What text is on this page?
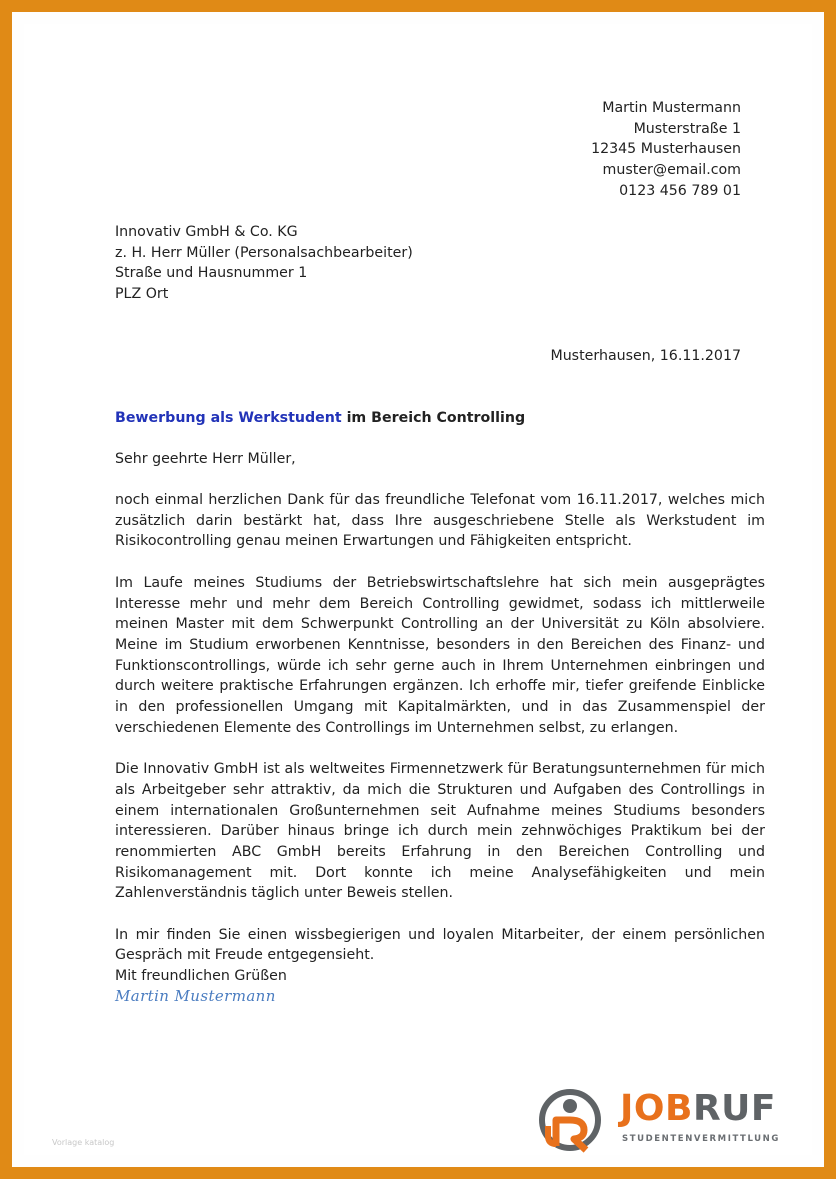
Martin Mustermann
Musterstraße 1
12345 Musterhausen
muster@email.com
0123 456 789 01
Innovativ GmbH & Co. KG
z. H. Herr Müller (Personalsachbearbeiter)
Straße und Hausnummer 1
PLZ Ort
Musterhausen, 16.11.2017
Bewerbung als Werkstudent im Bereich Controlling
Sehr geehrte Herr Müller,

noch einmal herzlichen Dank für das freundliche Telefonat vom 16.11.2017, welches mich zusätzlich darin bestärkt hat, dass Ihre ausgeschriebene Stelle als Werkstudent im Risikocontrolling genau meinen Erwartungen und Fähigkeiten entspricht.

Im Laufe meines Studiums der Betriebswirtschaftslehre hat sich mein ausgeprägtes Interesse mehr und mehr dem Bereich Controlling gewidmet, sodass ich mittlerweile meinen Master mit dem Schwerpunkt Controlling an der Universität zu Köln absolviere. Meine im Studium erworbenen Kenntnisse, besonders in den Bereichen des Finanz- und Funktionscontrollings, würde ich sehr gerne auch in Ihrem Unternehmen einbringen und durch weitere praktische Erfahrungen ergänzen. Ich erhoffe mir, tiefer greifende Einblicke in den professionellen Umgang mit Kapitalmärkten, und in das Zusammenspiel der verschiedenen Elemente des Controllings im Unternehmen selbst, zu erlangen.

Die Innovativ GmbH ist als weltweites Firmennetzwerk für Beratungsunternehmen für mich als Arbeitgeber sehr attraktiv, da mich die Strukturen und Aufgaben des Controllings in einem internationalen Großunternehmen seit Aufnahme meines Studiums besonders interessieren. Darüber hinaus bringe ich durch mein zehnwöchiges Praktikum bei der renommierten ABC GmbH bereits Erfahrung in den Bereichen Controlling und Risikomanagement mit. Dort konnte ich meine Analysefähigkeiten und mein Zahlenverständnis täglich unter Beweis stellen.

In mir finden Sie einen wissbegierigen und loyalen Mitarbeiter, der einem persönlichen Gespräch mit Freude entgegensieht.

Mit freundlichen Grüßen
Martin Mustermann
Vorlage katalog
JOBRUF
STUDENTENVERMITTLUNG
